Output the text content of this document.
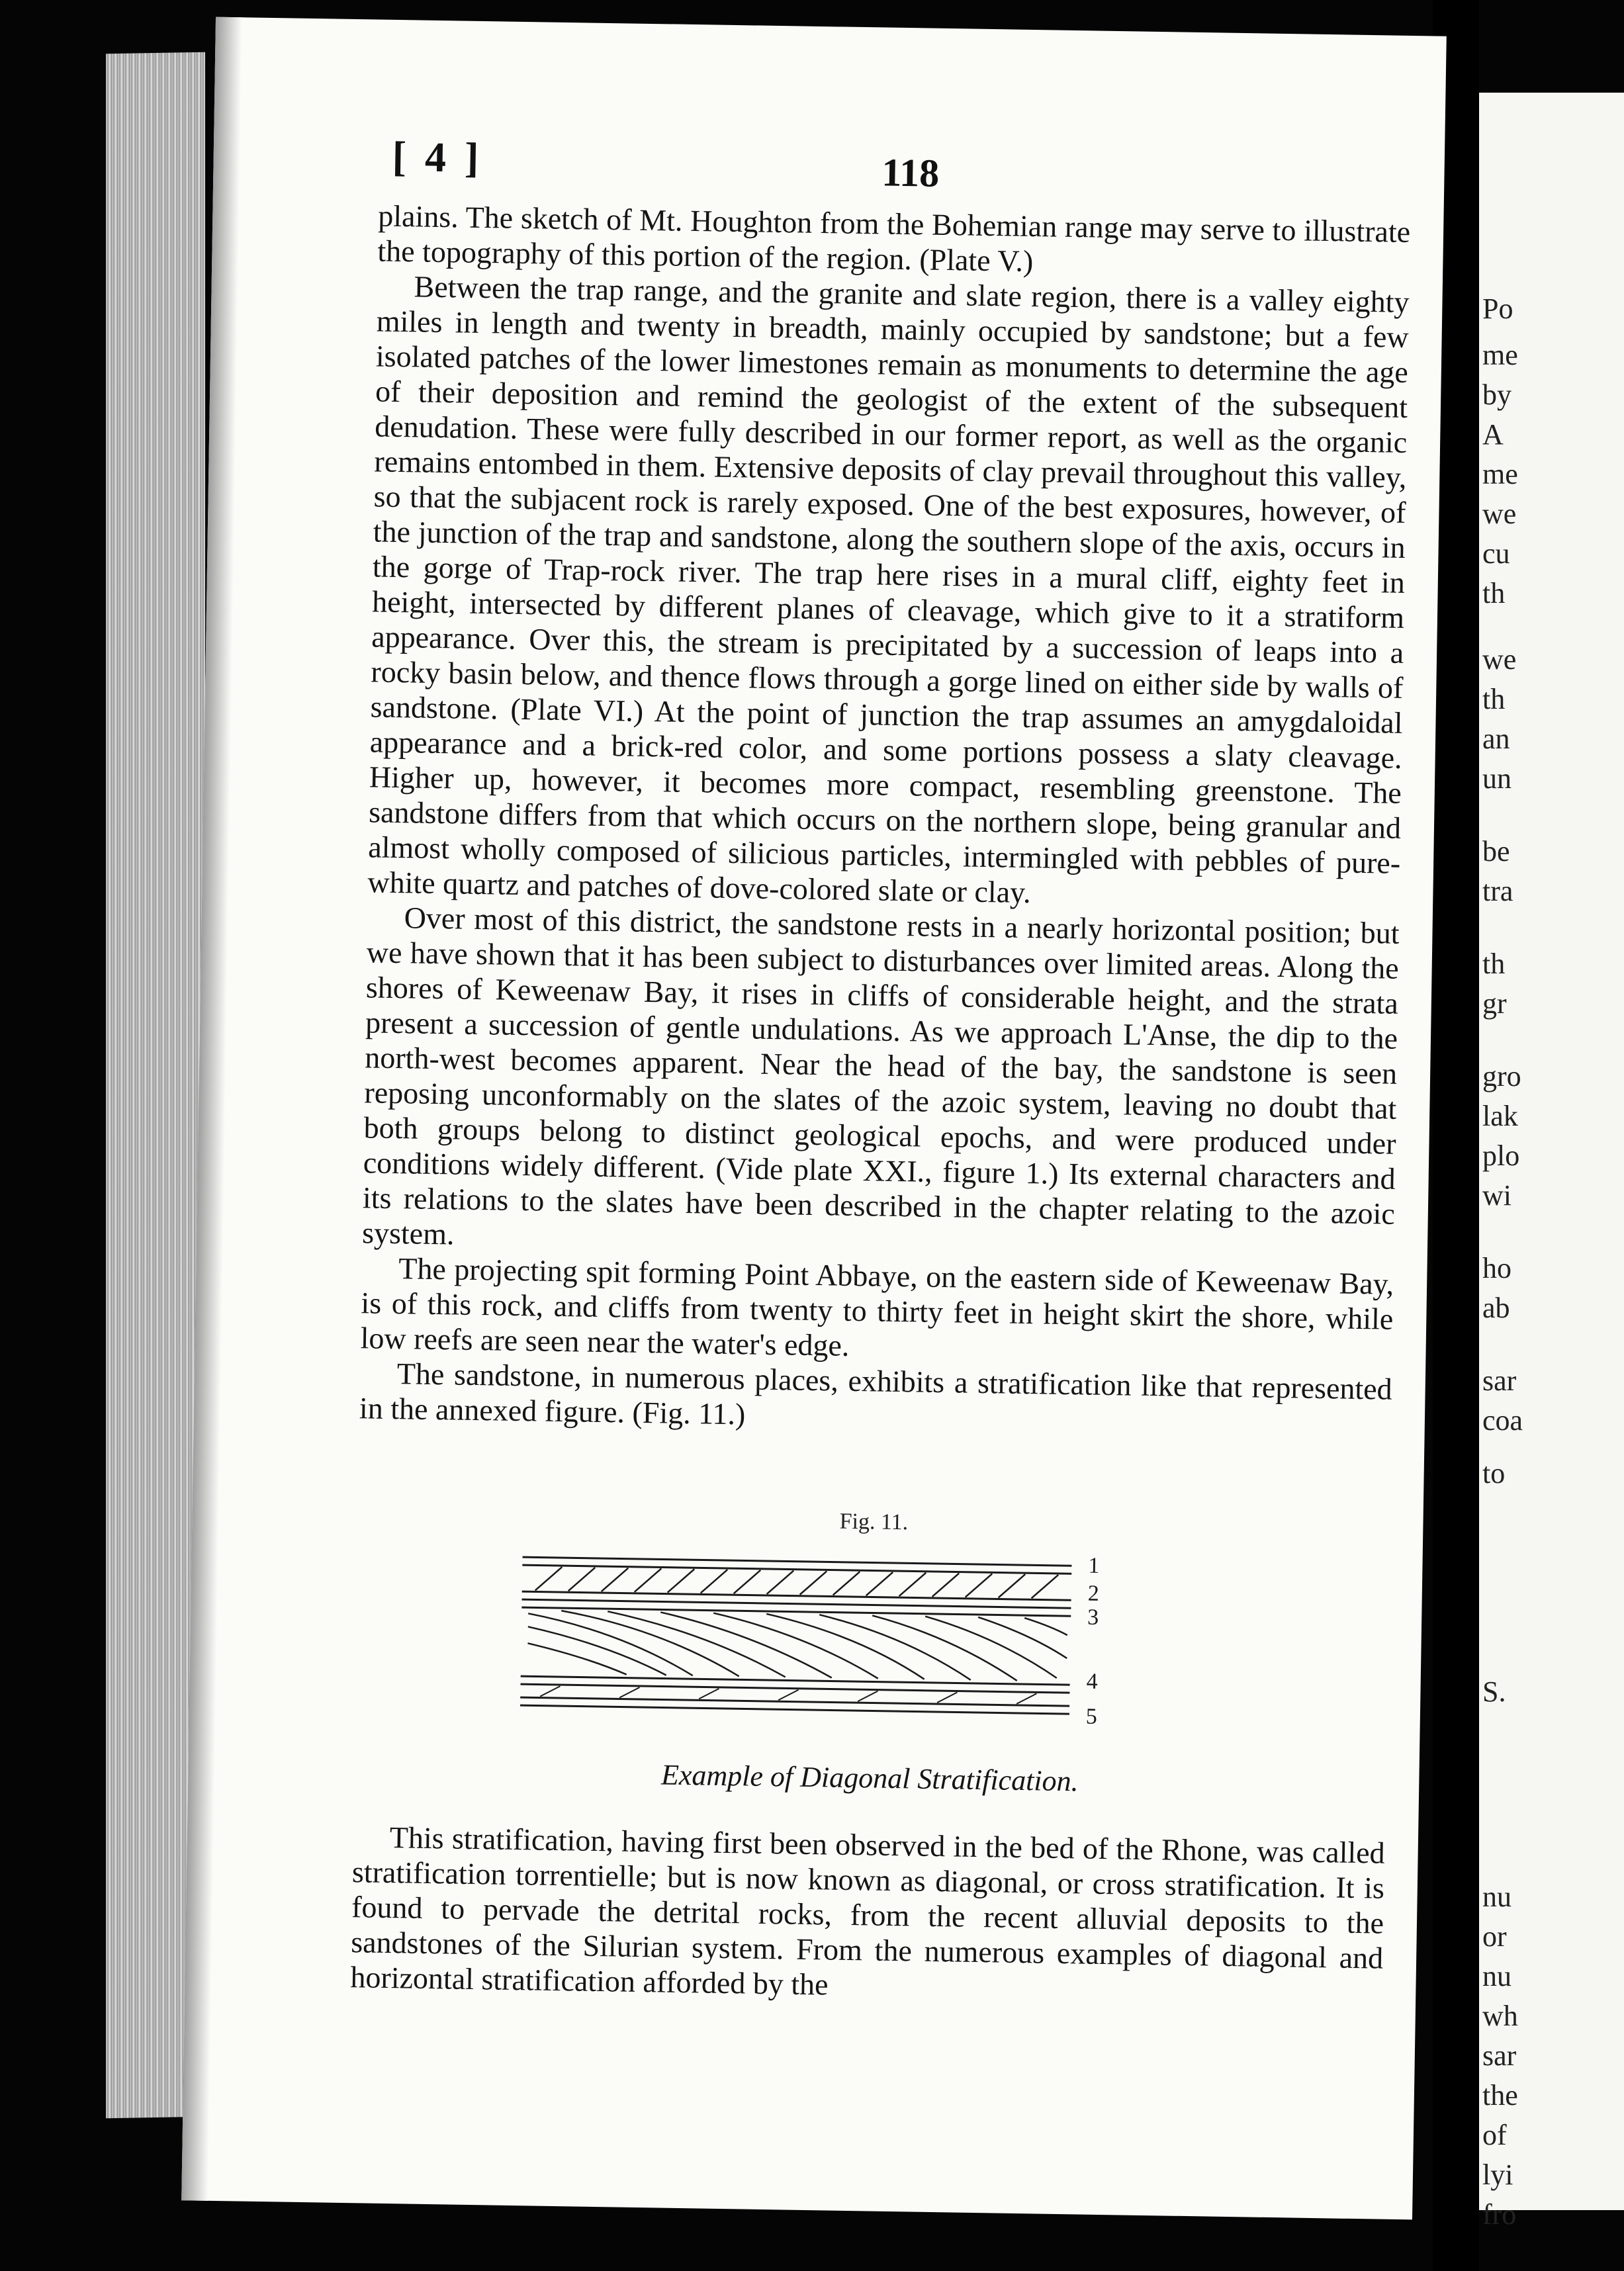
Po
me
by
A
me
we
cu
th
we
th
an
un
be
tra
th
gr
gro
lak
plo
wi
ho
ab
sar
coa
to
S.
nu
or
nu
wh
sar
the
of
lyi
fro
[ 4 ]	118

plains. The sketch of Mt. Houghton from the Bohemian range may serve to illustrate the topography of this portion of the region. (Plate V.)

Between the trap range, and the granite and slate region, there is a valley eighty miles in length and twenty in breadth, mainly occupied by sandstone; but a few isolated patches of the lower limestones remain as monuments to determine the age of their deposition and remind the geologist of the extent of the subsequent denudation. These were fully described in our former report, as well as the organic remains entombed in them. Extensive deposits of clay prevail throughout this valley, so that the subjacent rock is rarely exposed. One of the best exposures, however, of the junction of the trap and sandstone, along the southern slope of the axis, occurs in the gorge of Trap-rock river. The trap here rises in a mural cliff, eighty feet in height, intersected by different planes of cleavage, which give to it a stratiform appearance. Over this, the stream is precipitated by a succession of leaps into a rocky basin below, and thence flows through a gorge lined on either side by walls of sandstone. (Plate VI.) At the point of junction the trap assumes an amygdaloidal appearance and a brick-red color, and some portions possess a slaty cleavage. Higher up, however, it becomes more compact, resembling greenstone. The sandstone differs from that which occurs on the northern slope, being granular and almost wholly composed of silicious particles, intermingled with pebbles of pure-white quartz and patches of dove-colored slate or clay.

Over most of this district, the sandstone rests in a nearly horizontal position; but we have shown that it has been subject to disturbances over limited areas. Along the shores of Keweenaw Bay, it rises in cliffs of considerable height, and the strata present a succession of gentle undulations. As we approach L'Anse, the dip to the north-west becomes apparent. Near the head of the bay, the sandstone is seen reposing unconformably on the slates of the azoic system, leaving no doubt that both groups belong to distinct geological epochs, and were produced under conditions widely different. (Vide plate XXI., figure 1.) Its external characters and its relations to the slates have been described in the chapter relating to the azoic system.

The projecting spit forming Point Abbaye, on the eastern side of Keweenaw Bay, is of this rock, and cliffs from twenty to thirty feet in height skirt the shore, while low reefs are seen near the water's edge.

The sandstone, in numerous places, exhibits a stratification like that represented in the annexed figure. (Fig. 11.)

Fig. 11.
1
2
3
4
5
Example of Diagonal Stratification.

This stratification, having first been observed in the bed of the Rhone, was called stratification torrentielle; but is now known as diagonal, or cross stratification. It is found to pervade the detrital rocks, from the recent alluvial deposits to the sandstones of the Silurian system. From the numerous examples of diagonal and horizontal stratification afforded by the
